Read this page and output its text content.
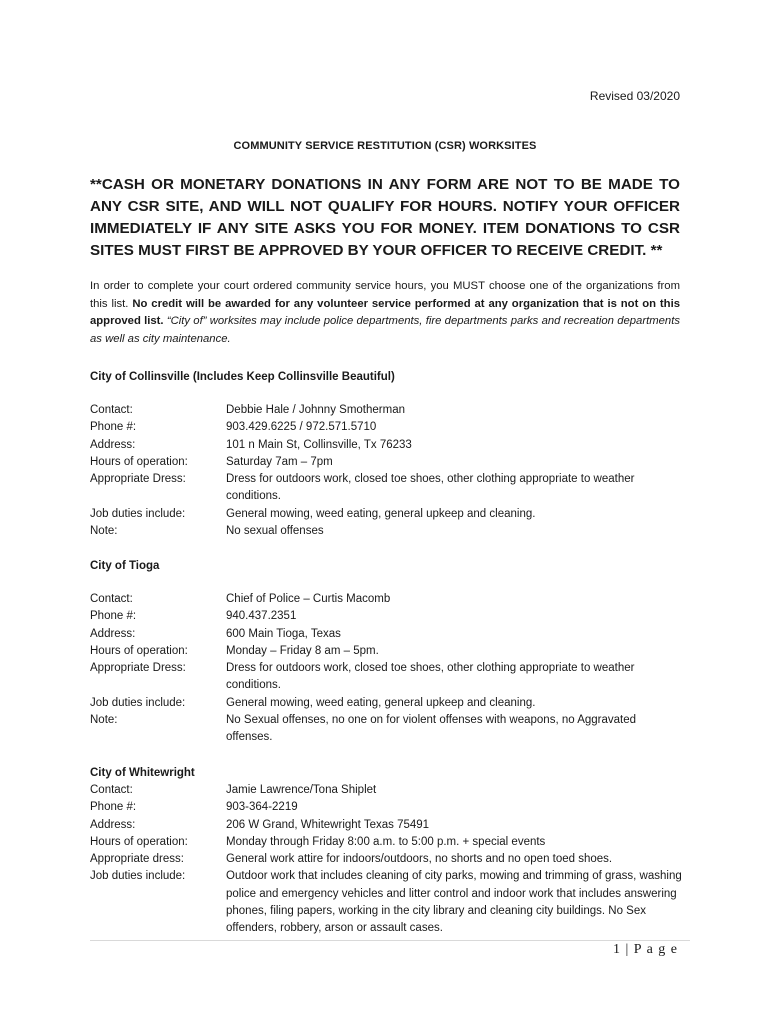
Revised 03/2020
COMMUNITY SERVICE RESTITUTION (CSR) WORKSITES
**CASH OR MONETARY DONATIONS IN ANY FORM ARE NOT TO BE MADE TO ANY CSR SITE, AND WILL NOT QUALIFY FOR HOURS. NOTIFY YOUR OFFICER IMMEDIATELY IF ANY SITE ASKS YOU FOR MONEY. ITEM DONATIONS TO CSR SITES MUST FIRST BE APPROVED BY YOUR OFFICER TO RECEIVE CREDIT. **
In order to complete your court ordered community service hours, you MUST choose one of the organizations from this list. No credit will be awarded for any volunteer service performed at any organization that is not on this approved list. “City of” worksites may include police departments, fire departments parks and recreation departments as well as city maintenance.
City of Collinsville (Includes Keep Collinsville Beautiful)
Contact:	Debbie Hale / Johnny Smotherman
Phone #:	903.429.6225 / 972.571.5710
Address:	101 n Main St, Collinsville, Tx 76233
Hours of operation:	Saturday 7am – 7pm
Appropriate Dress:	Dress for outdoors work, closed toe shoes, other clothing appropriate to weather conditions.
Job duties include:	General mowing, weed eating, general upkeep and cleaning.
Note:	No sexual offenses
City of Tioga
Contact:	Chief of Police – Curtis Macomb
Phone #:	940.437.2351
Address:	600 Main Tioga, Texas
Hours of operation:	Monday – Friday 8 am – 5pm.
Appropriate Dress:	Dress for outdoors work, closed toe shoes, other clothing appropriate to weather conditions.
Job duties include:	General mowing, weed eating, general upkeep and cleaning.
Note:	No Sexual offenses, no one on for violent offenses with weapons, no Aggravated offenses.
City of Whitewright
Contact:	Jamie Lawrence/Tona Shiplet
Phone #:	903-364-2219
Address:	206 W Grand, Whitewright Texas 75491
Hours of operation:	Monday through Friday 8:00 a.m. to 5:00 p.m. + special events
Appropriate dress:	General work attire for indoors/outdoors, no shorts and no open toed shoes.
Job duties include:	Outdoor work that includes cleaning of city parks, mowing and trimming of grass, washing police and emergency vehicles and litter control and indoor work that includes answering phones, filing papers, working in the city library and cleaning city buildings. No Sex offenders, robbery, arson or assault cases.
1 | P a g e
